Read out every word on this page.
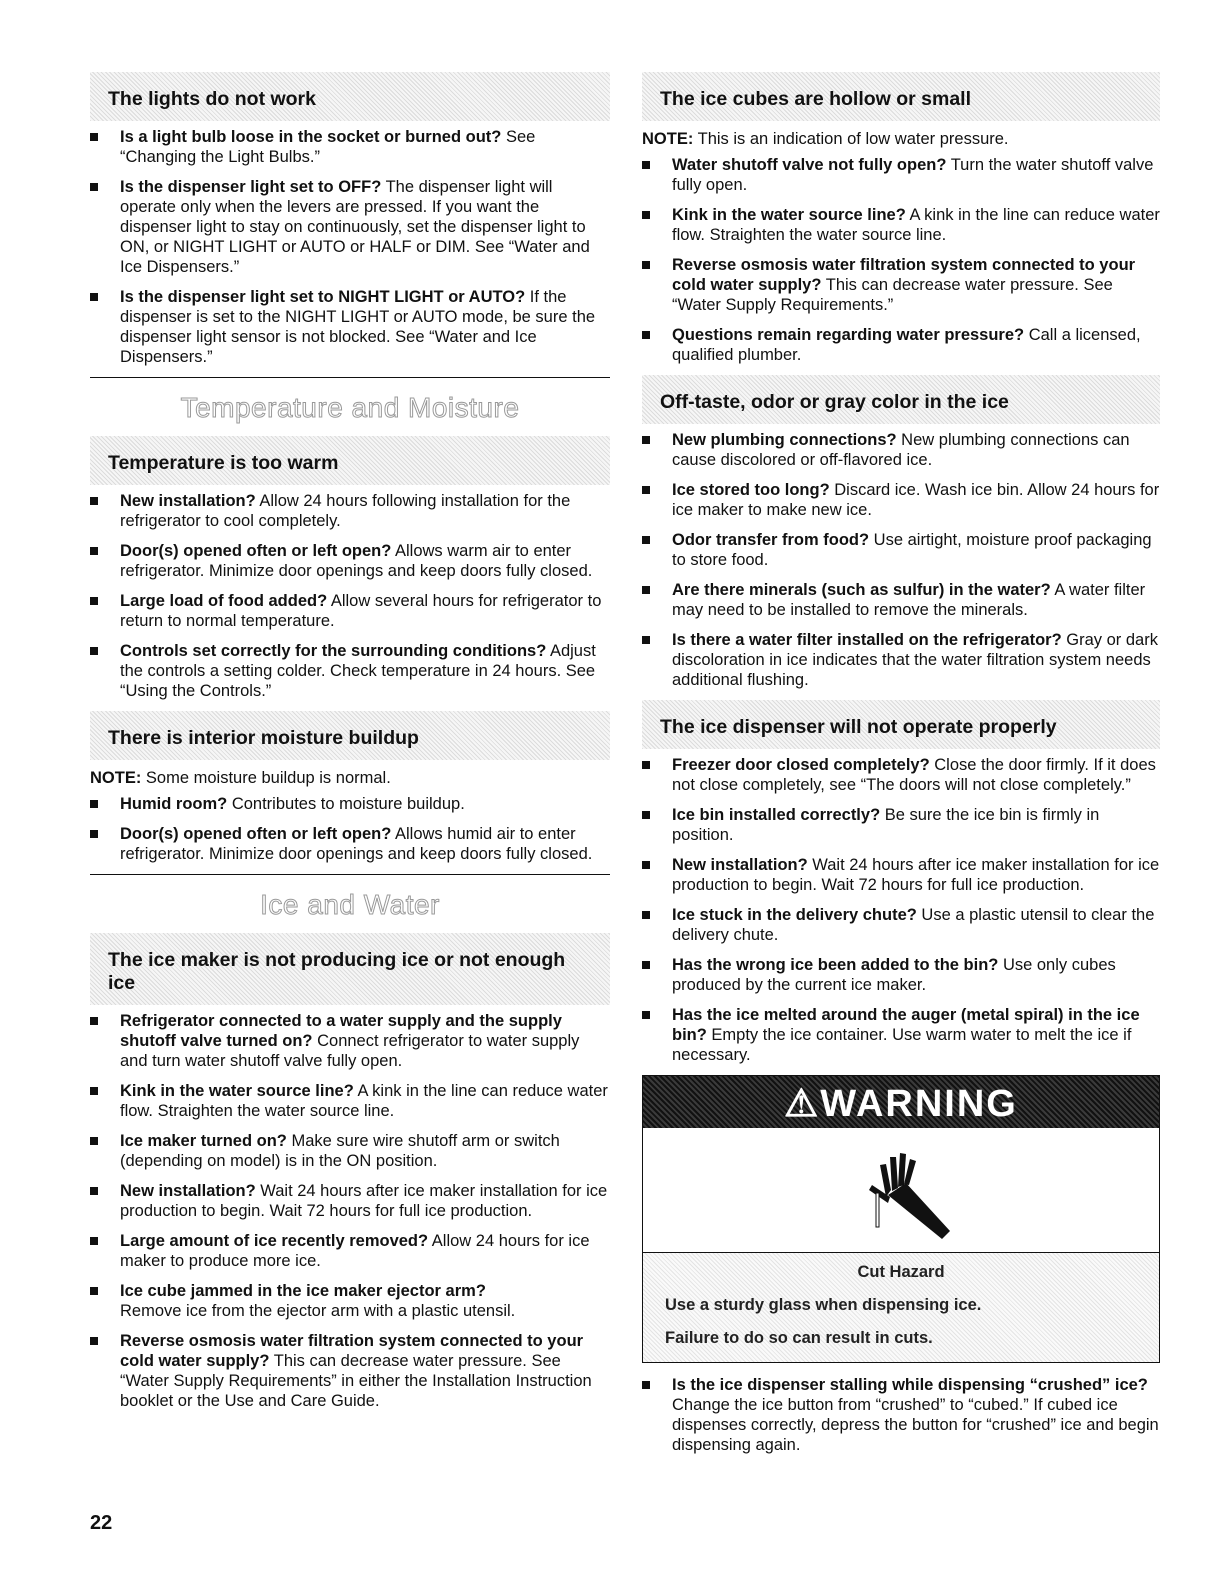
The lights do not work
Is a light bulb loose in the socket or burned out? See “Changing the Light Bulbs.”
Is the dispenser light set to OFF? The dispenser light will operate only when the levers are pressed. If you want the dispenser light to stay on continuously, set the dispenser light to ON, or NIGHT LIGHT or AUTO or HALF or DIM. See “Water and Ice Dispensers.”
Is the dispenser light set to NIGHT LIGHT or AUTO? If the dispenser is set to the NIGHT LIGHT or AUTO mode, be sure the dispenser light sensor is not blocked. See “Water and Ice Dispensers.”
Temperature and Moisture
Temperature is too warm
New installation? Allow 24 hours following installation for the refrigerator to cool completely.
Door(s) opened often or left open? Allows warm air to enter refrigerator. Minimize door openings and keep doors fully closed.
Large load of food added? Allow several hours for refrigerator to return to normal temperature.
Controls set correctly for the surrounding conditions? Adjust the controls a setting colder. Check temperature in 24 hours. See “Using the Controls.”
There is interior moisture buildup
NOTE: Some moisture buildup is normal.
Humid room? Contributes to moisture buildup.
Door(s) opened often or left open? Allows humid air to enter refrigerator. Minimize door openings and keep doors fully closed.
Ice and Water
The ice maker is not producing ice or not enough ice
Refrigerator connected to a water supply and the supply shutoff valve turned on? Connect refrigerator to water supply and turn water shutoff valve fully open.
Kink in the water source line? A kink in the line can reduce water flow. Straighten the water source line.
Ice maker turned on? Make sure wire shutoff arm or switch (depending on model) is in the ON position.
New installation? Wait 24 hours after ice maker installation for ice production to begin. Wait 72 hours for full ice production.
Large amount of ice recently removed? Allow 24 hours for ice maker to produce more ice.
Ice cube jammed in the ice maker ejector arm?
Remove ice from the ejector arm with a plastic utensil.
Reverse osmosis water filtration system connected to your cold water supply? This can decrease water pressure. See “Water Supply Requirements” in either the Installation Instruction booklet or the Use and Care Guide.
The ice cubes are hollow or small
NOTE: This is an indication of low water pressure.
Water shutoff valve not fully open? Turn the water shutoff valve fully open.
Kink in the water source line? A kink in the line can reduce water flow. Straighten the water source line.
Reverse osmosis water filtration system connected to your cold water supply? This can decrease water pressure. See “Water Supply Requirements.”
Questions remain regarding water pressure? Call a licensed, qualified plumber.
Off-taste, odor or gray color in the ice
New plumbing connections? New plumbing connections can cause discolored or off-flavored ice.
Ice stored too long? Discard ice. Wash ice bin. Allow 24 hours for ice maker to make new ice.
Odor transfer from food? Use airtight, moisture proof packaging to store food.
Are there minerals (such as sulfur) in the water? A water filter may need to be installed to remove the minerals.
Is there a water filter installed on the refrigerator? Gray or dark discoloration in ice indicates that the water filtration system needs additional flushing.
The ice dispenser will not operate properly
Freezer door closed completely? Close the door firmly. If it does not close completely, see “The doors will not close completely.”
Ice bin installed correctly? Be sure the ice bin is firmly in position.
New installation? Wait 24 hours after ice maker installation for ice production to begin. Wait 72 hours for full ice production.
Ice stuck in the delivery chute? Use a plastic utensil to clear the delivery chute.
Has the wrong ice been added to the bin? Use only cubes produced by the current ice maker.
Has the ice melted around the auger (metal spiral) in the ice bin? Empty the ice container. Use warm water to melt the ice if necessary.
⚠WARNING
Cut Hazard

Use a sturdy glass when dispensing ice.

Failure to do so can result in cuts.

Is the ice dispenser stalling while dispensing “crushed” ice? Change the ice button from “crushed” to “cubed.” If cubed ice dispenses correctly, depress the button for “crushed” ice and begin dispensing again.
22
